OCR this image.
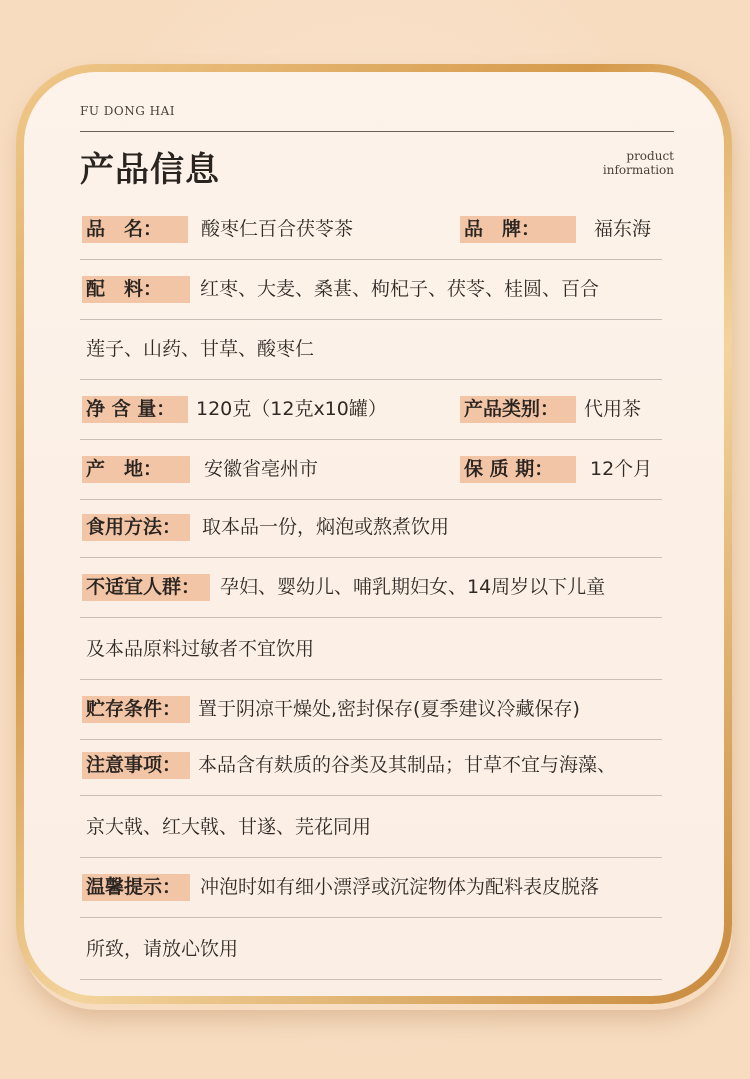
FU DONG HAI
产品信息	product
information
品　名：	酸枣仁百合茯苓茶	品　牌：	福东海
配　料：	红枣、大麦、桑葚、枸杞子、茯苓、桂圆、百合
莲子、山药、甘草、酸枣仁
净 含 量：	120克（12克x10罐）	产品类别：	代用茶
产　地：	安徽省亳州市	保 质 期：	12个月
食用方法：	取本品一份，焖泡或熬煮饮用
不适宜人群：	孕妇、婴幼儿、哺乳期妇女、14周岁以下儿童
及本品原料过敏者不宜饮用
贮存条件： 置于阴凉干燥处,密封保存(夏季建议冷藏保存)
注意事项： 本品含有麸质的谷类及其制品；甘草不宜与海藻、
京大戟、红大戟、甘遂、芫花同用
温馨提示： 冲泡时如有细小漂浮或沉淀物体为配料表皮脱落
所致，请放心饮用
